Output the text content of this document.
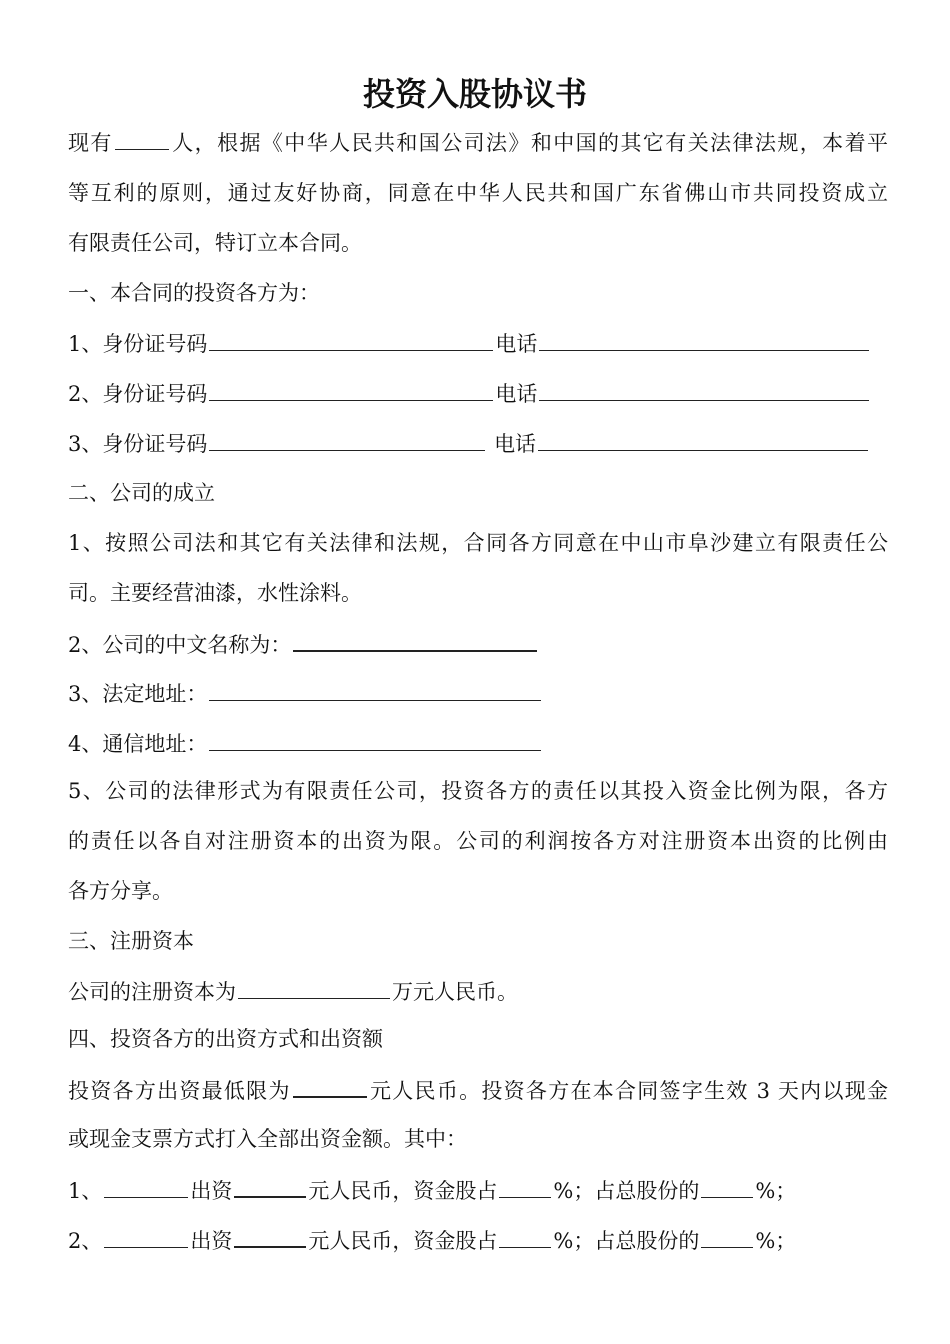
投资入股协议书
现有	人，根据《中华人民共和国公司法》和中国的其它有关法律法规，本着平
等互利的原则，通过友好协商，同意在中华人民共和国广东省佛山市共同投资成立
有限责任公司，特订立本合同。
一、本合同的投资各方为：
1、身份证号码	电话
2、身份证号码	电话
3、身份证号码	电话
二、公司的成立
1、按照公司法和其它有关法律和法规，合同各方同意在中山市阜沙建立有限责任公
司。主要经营油漆，水性涂料。
2、公司的中文名称为：
3、法定地址：
4、通信地址：
5、公司的法律形式为有限责任公司，投资各方的责任以其投入资金比例为限，各方
的责任以各自对注册资本的出资为限。公司的利润按各方对注册资本出资的比例由
各方分享。
三、注册资本
公司的注册资本为	万元人民币。
四、投资各方的出资方式和出资额
投资各方出资最低限为	元人民币。投资各方在本合同签字生效 3 天内以现金
或现金支票方式打入全部出资金额。其中：
1、	出资	元人民币，资金股占	%；占总股份的	%；
2、	出资	元人民币，资金股占	%；占总股份的	%；
